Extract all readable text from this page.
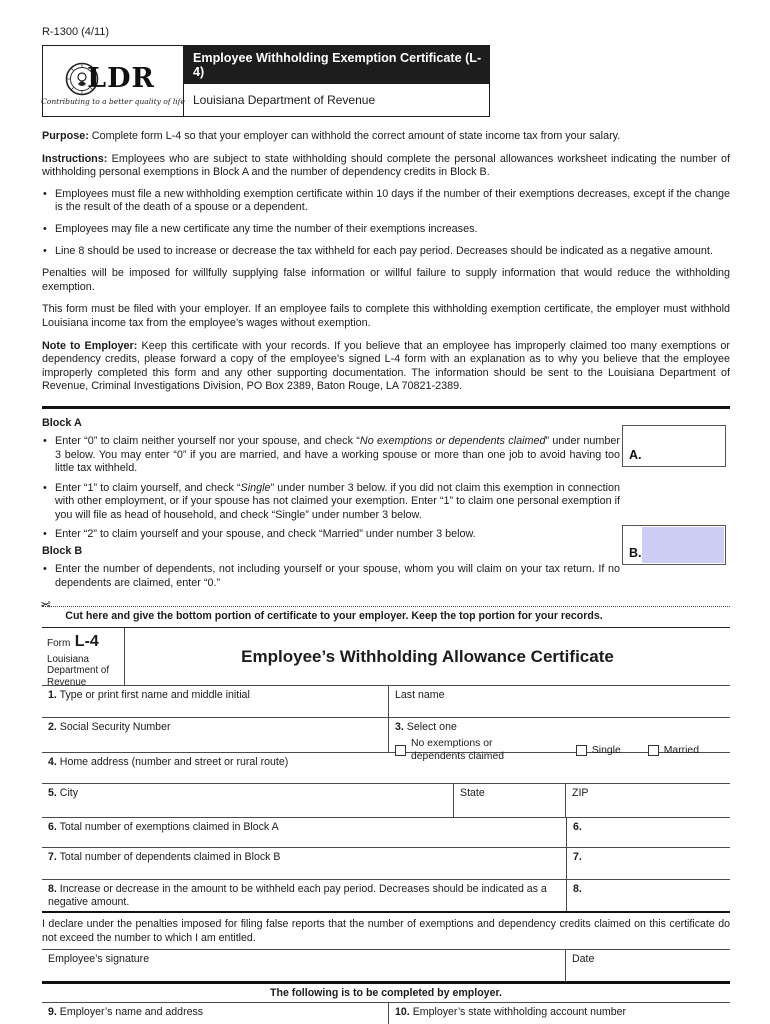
R-1300 (4/11)
LDR
Contributing to a better quality of life
Employee Withholding Exemption Certificate (L-4)
Louisiana Department of Revenue
Purpose: Complete form L-4 so that your employer can withhold the correct amount of state income tax from your salary.
Instructions: Employees who are subject to state withholding should complete the personal allowances worksheet indicating the number of withholding personal exemptions in Block A and the number of dependency credits in Block B.
• Employees must file a new withholding exemption certificate within 10 days if the number of their exemptions decreases, except if the change is the result of the death of a spouse or a dependent.
• Employees may file a new certificate any time the number of their exemptions increases.
• Line 8 should be used to increase or decrease the tax withheld for each pay period. Decreases should be indicated as a negative amount.
Penalties will be imposed for willfully supplying false information or willful failure to supply information that would reduce the withholding exemption.
This form must be filed with your employer. If an employee fails to complete this withholding exemption certificate, the employer must withhold Louisiana income tax from the employee’s wages without exemption.
Note to Employer: Keep this certificate with your records. If you believe that an employee has improperly claimed too many exemptions or dependency credits, please forward a copy of the employee’s signed L-4 form with an explanation as to why you believe that the employee improperly completed this form and any other supporting documentation. The information should be sent to the Louisiana Department of Revenue, Criminal Investigations Division, PO Box 2389, Baton Rouge, LA 70821-2389.
Block A
• Enter “0” to claim neither yourself nor your spouse, and check “No exemptions or dependents claimed” under number 3 below. You may enter “0” if you are married, and have a working spouse or more than one job to avoid having too little tax withheld.
• Enter “1” to claim yourself, and check “Single” under number 3 below. if you did not claim this exemption in connection with other employment, or if your spouse has not claimed your exemption. Enter “1” to claim one personal exemption if you will file as head of household, and check “Single” under number 3 below.
• Enter “2” to claim yourself and your spouse, and check “Married” under number 3 below.
Block B
• Enter the number of dependents, not including yourself or your spouse, whom you will claim on your tax return. If no dependents are claimed, enter “0.”
A.
B.
✂
Cut here and give the bottom portion of certificate to your employer. Keep the top portion for your records.
Form L-4
Louisiana Department of Revenue
Employee’s Withholding Allowance Certificate
1. Type or print first name and middle initial	Last name
2. Social Security Number	3. Select one
No exemptions or dependents claimed
Single	Married
4. Home address (number and street or rural route)
5. City	State	ZIP
6. Total number of exemptions claimed in Block A	6.
7. Total number of dependents claimed in Block B	7.
8. Increase or decrease in the amount to be withheld each pay period. Decreases should be indicated as a negative amount.
8.
I declare under the penalties imposed for filing false reports that the number of exemptions and dependency credits claimed on this certificate do not exceed the number to which I am entitled.
Employee’s signature	Date
The following is to be completed by employer.
9. Employer’s name and address	10. Employer’s state withholding account number
